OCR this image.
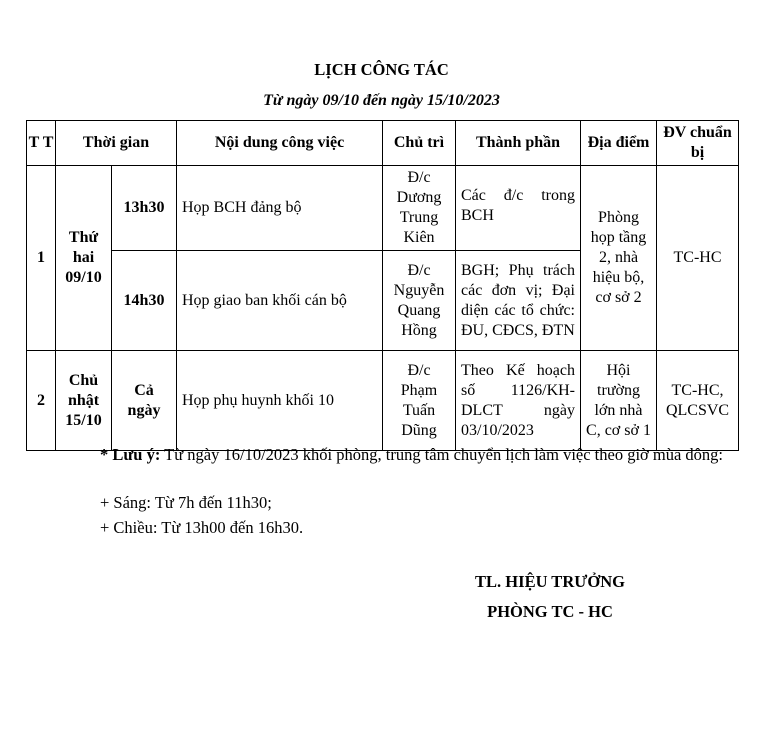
LỊCH CÔNG TÁC
Từ ngày 09/10 đến ngày 15/10/2023
T T	Thời gian		Nội dung công việc	Chủ trì	Thành phần	Địa điểm	ĐV chuẩn bị
1	Thứ hai 09/10	13h30	Họp BCH đảng bộ	Đ/c Dương Trung Kiên	Các đ/c trong BCH	Phòng họp tầng 2, nhà hiệu bộ, cơ sở 2	TC-HC
		14h30	Họp giao ban khối cán bộ	Đ/c Nguyễn Quang Hồng	BGH; Phụ trách các đơn vị; Đại diện các tổ chức: ĐU, CĐCS, ĐTN		
2	Chủ nhật 15/10	Cả ngày	Họp phụ huynh khối 10	Đ/c Phạm Tuấn Dũng	Theo Kế hoạch số 1126/KH-DLCT ngày 03/10/2023	Hội trường lớn nhà C, cơ sở 1	TC-HC, QLCSVC
* Lưu ý: Từ ngày 16/10/2023 khối phòng, trung tâm chuyển lịch làm việc theo giờ mùa đông:
+ Sáng: Từ 7h đến 11h30;
+ Chiều: Từ 13h00 đến 16h30.
TL. HIỆU TRƯỞNG
PHÒNG TC - HC
